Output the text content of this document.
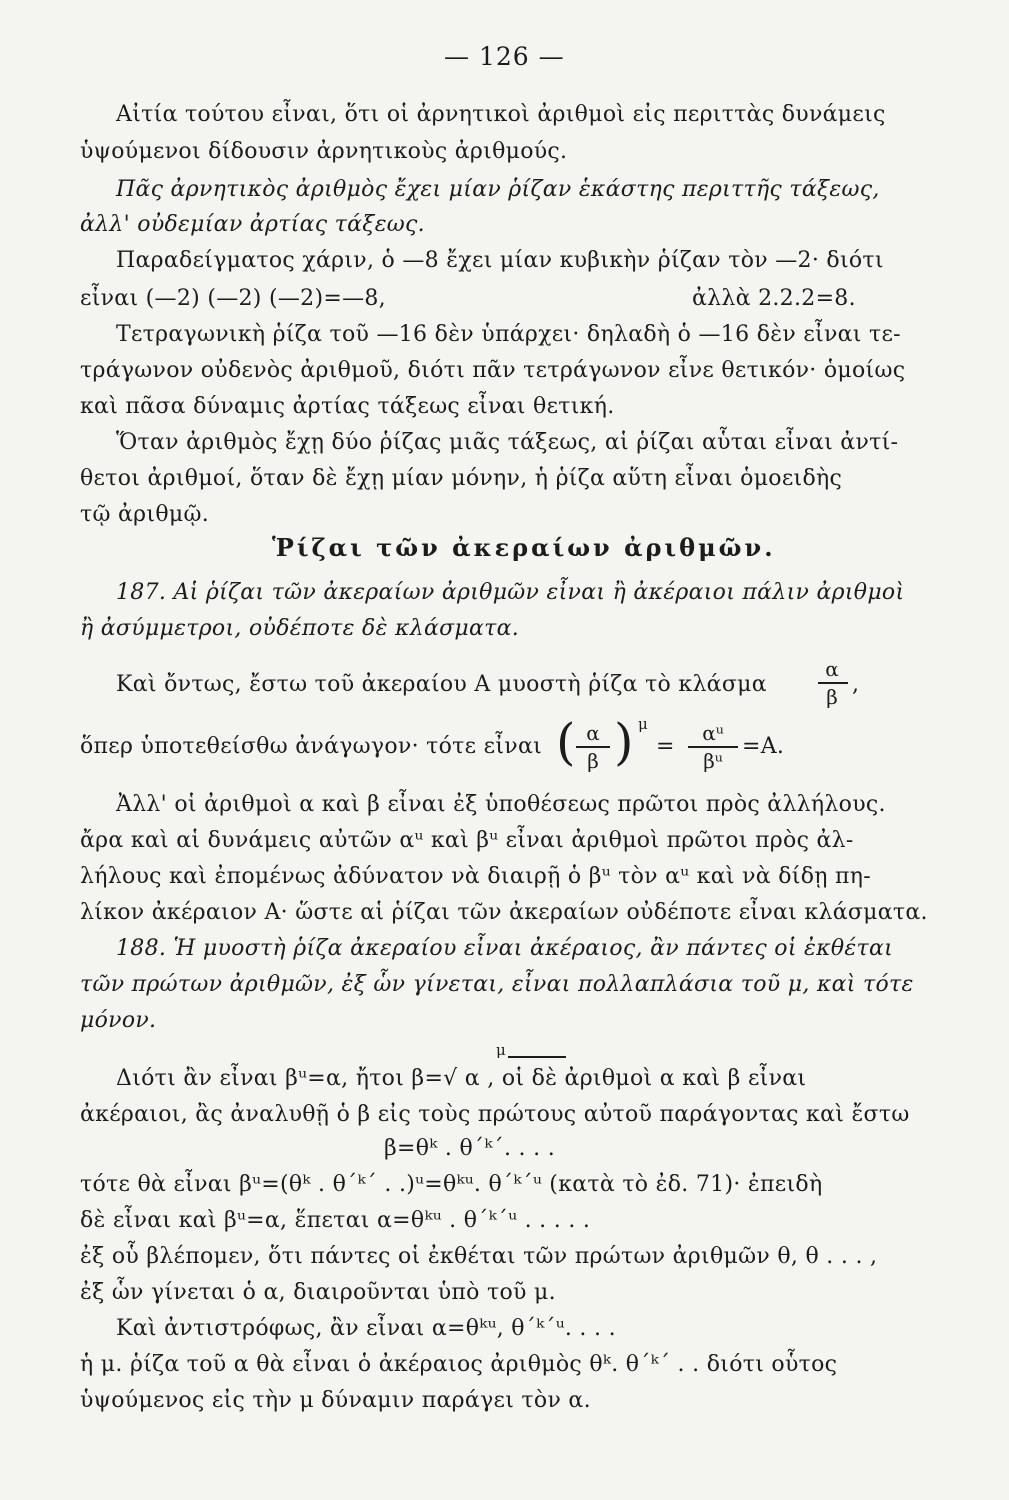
— 126 —
Αἰτία τούτου εἶναι, ὅτι οἱ ἀρνητικοὶ ἀριθμοὶ εἰς περιττὰς δυνάμεις
ὑψούμενοι δίδουσιν ἀρνητικοὺς ἀριθμούς.
Πᾶς ἀρνητικὸς ἀριθμὸς ἔχει μίαν ῥίζαν ἑκάστης περιττῆς τάξεως,
ἀλλ' οὐδεμίαν ἀρτίας τάξεως.
Παραδείγματος χάριν, ὁ —8 ἔχει μίαν κυβικὴν ῥίζαν τὸν —2· διότι
εἶναι (—2) (—2) (—2)=—8,	ἀλλὰ 2.2.2=8.
Τετραγωνικὴ ῥίζα τοῦ —16 δὲν ὑπάρχει· δηλαδὴ ὁ —16 δὲν εἶναι τε-
τράγωνον οὐδενὸς ἀριθμοῦ, διότι πᾶν τετράγωνον εἶνε θετικόν· ὁμοίως
καὶ πᾶσα δύναμις ἀρτίας τάξεως εἶναι θετική.
Ὅταν ἀριθμὸς ἔχῃ δύο ῥίζας μιᾶς τάξεως, αἱ ῥίζαι αὗται εἶναι ἀντί-
θετοι ἀριθμοί, ὅταν δὲ ἔχῃ μίαν μόνην, ἡ ῥίζα αὕτη εἶναι ὁμοειδὴς
τῷ ἀριθμῷ.
Ῥίζαι τῶν ἀκεραίων ἀριθμῶν.
187. Αἱ ῥίζαι τῶν ἀκεραίων ἀριθμῶν εἶναι ἢ ἀκέραιοι πάλιν ἀριθμοὶ
ἢ ἀσύμμετροι, οὐδέποτε δὲ κλάσματα.
Καὶ ὄντως, ἔστω τοῦ ἀκεραίου Α μυοστὴ ῥίζα τὸ κλάσμα
α
β ,
ὅπερ ὑποτεθείσθω ἀνάγωγον· τότε εἶναι ( α
β ) μ
=
αᵘ
βᵘ
=Α.
Ἀλλ' οἱ ἀριθμοὶ α καὶ β εἶναι ἐξ ὑποθέσεως πρῶτοι πρὸς ἀλλήλους.
ἄρα καὶ αἱ δυνάμεις αὐτῶν αᵘ καὶ βᵘ εἶναι ἀριθμοὶ πρῶτοι πρὸς ἀλ-
λήλους καὶ ἐπομένως ἀδύνατον νὰ διαιρῇ ὁ βᵘ τὸν αᵘ καὶ νὰ δίδῃ πη-
λίκον ἀκέραιον Α· ὥστε αἱ ῥίζαι τῶν ἀκεραίων οὐδέποτε εἶναι κλάσματα.
188. Ἡ μυοστὴ ῥίζα ἀκεραίου εἶναι ἀκέραιος, ἂν πάντες οἱ ἐκθέται
τῶν πρώτων ἀριθμῶν, ἐξ ὧν γίνεται, εἶναι πολλαπλάσια τοῦ μ, καὶ τότε
μόνον.
μ
Διότι ἂν εἶναι βᵘ=α, ἤτοι β=√ α , οἱ δὲ ἀριθμοὶ α καὶ β εἶναι
ἀκέραιοι, ἂς ἀναλυθῇ ὁ β εἰς τοὺς πρώτους αὐτοῦ παράγοντας καὶ ἔστω
β=θᵏ . θ΄ᵏ΄. . . .
τότε θὰ εἶναι βᵘ=(θᵏ . θ΄ᵏ΄ . .)ᵘ=θᵏᵘ. θ΄ᵏ΄ᵘ (κατὰ τὸ ἐδ. 71)· ἐπειδὴ
δὲ εἶναι καὶ βᵘ=α, ἕπεται α=θᵏᵘ . θ΄ᵏ΄ᵘ . . . . .
ἐξ οὗ βλέπομεν, ὅτι πάντες οἱ ἐκθέται τῶν πρώτων ἀριθμῶν θ, θ . . . ,
ἐξ ὧν γίνεται ὁ α, διαιροῦνται ὑπὸ τοῦ μ.
Καὶ ἀντιστρόφως, ἂν εἶναι α=θᵏᵘ, θ΄ᵏ΄ᵘ. . . .
ἡ μ. ῥίζα τοῦ α θὰ εἶναι ὁ ἀκέραιος ἀριθμὸς θᵏ. θ΄ᵏ΄ . . διότι οὗτος
ὑψούμενος εἰς τὴν μ δύναμιν παράγει τὸν α.
